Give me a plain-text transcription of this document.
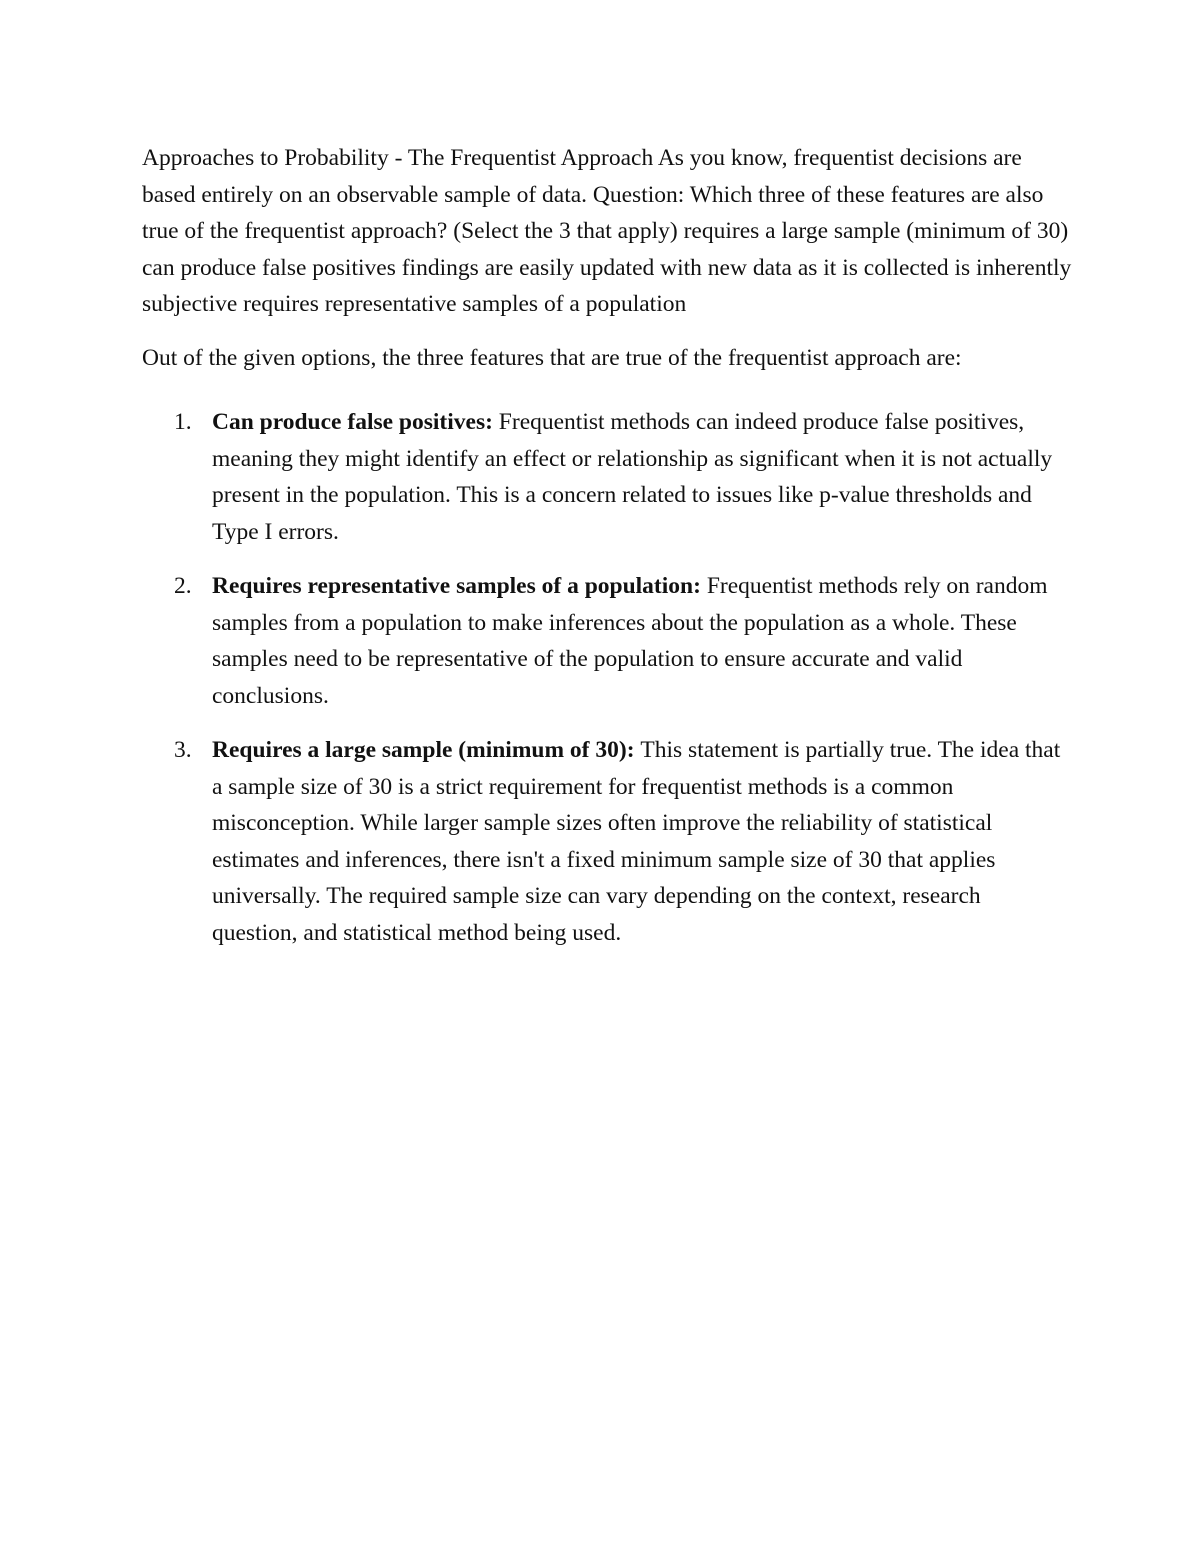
Approaches to Probability - The Frequentist Approach As you know, frequentist decisions are based entirely on an observable sample of data. Question: Which three of these features are also true of the frequentist approach? (Select the 3 that apply) requires a large sample (minimum of 30) can produce false positives findings are easily updated with new data as it is collected is inherently subjective requires representative samples of a population

Out of the given options, the three features that are true of the frequentist approach are:

1. Can produce false positives: Frequentist methods can indeed produce false positives, meaning they might identify an effect or relationship as significant when it is not actually present in the population. This is a concern related to issues like p-value thresholds and Type I errors.
2. Requires representative samples of a population: Frequentist methods rely on random samples from a population to make inferences about the population as a whole. These samples need to be representative of the population to ensure accurate and valid conclusions.
3. Requires a large sample (minimum of 30): This statement is partially true. The idea that a sample size of 30 is a strict requirement for frequentist methods is a common misconception. While larger sample sizes often improve the reliability of statistical estimates and inferences, there isn't a fixed minimum sample size of 30 that applies universally. The required sample size can vary depending on the context, research question, and statistical method being used.
